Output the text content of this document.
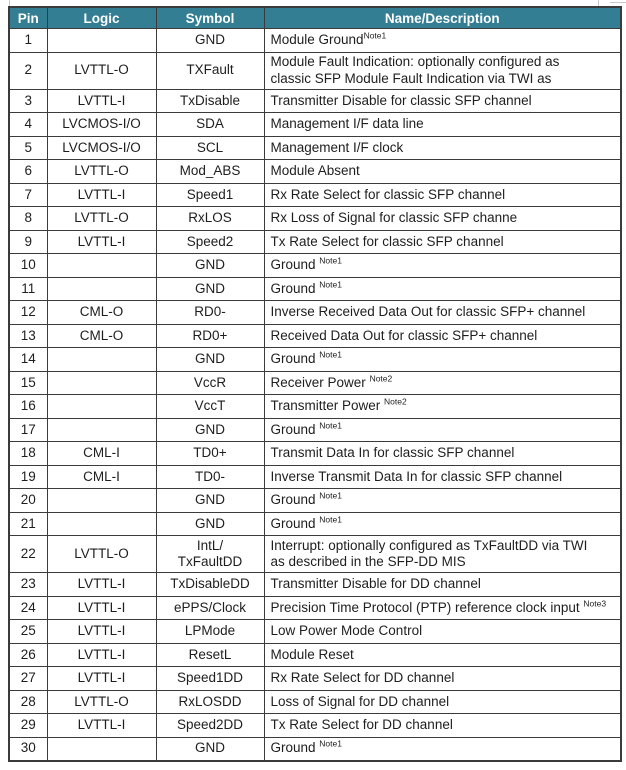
Pin	Logic	Symbol	Name/Description
1		GND	Module Ground$^{Note1}$
2	LVTTL-O	TXFault	Module Fault Indication: optionally configured as
classic SFP Module Fault Indication via TWI as
3	LVTTL-I	TxDisable	Transmitter Disable for classic SFP channel
4	LVCMOS-I/O	SDA	Management I/F data line
5	LVCMOS-I/O	SCL	Management I/F clock
6	LVTTL-O	Mod_ABS	Module Absent
7	LVTTL-I	Speed1	Rx Rate Select for classic SFP channel
8	LVTTL-O	RxLOS	Rx Loss of Signal for classic SFP channe
9	LVTTL-I	Speed2	Tx Rate Select for classic SFP channel
10		GND	Ground $^{Note1}$
11		GND	Ground $^{Note1}$
12	CML-O	RD0-	Inverse Received Data Out for classic SFP+ channel
13	CML-O	RD0+	Received Data Out for classic SFP+ channel
14		GND	Ground $^{Note1}$
15		VccR	Receiver Power $^{Note2}$
16		VccT	Transmitter Power $^{Note2}$
17		GND	Ground $^{Note1}$
18	CML-I	TD0+	Transmit Data In for classic SFP channel
19	CML-I	TD0-	Inverse Transmit Data In for classic SFP channel
20		GND	Ground $^{Note1}$
21		GND	Ground $^{Note1}$
22	LVTTL-O	IntL/
TxFaultDD	Interrupt: optionally configured as TxFaultDD via TWI
as described in the SFP-DD MIS
23	LVTTL-I	TxDisableDD	Transmitter Disable for DD channel
24	LVTTL-I	ePPS/Clock	Precision Time Protocol (PTP) reference clock input $^{Note3}$
25	LVTTL-I	LPMode	Low Power Mode Control
26	LVTTL-I	ResetL	Module Reset
27	LVTTL-I	Speed1DD	Rx Rate Select for DD channel
28	LVTTL-O	RxLOSDD	Loss of Signal for DD channel
29	LVTTL-I	Speed2DD	Tx Rate Select for DD channel
30		GND	Ground $^{Note1}$
